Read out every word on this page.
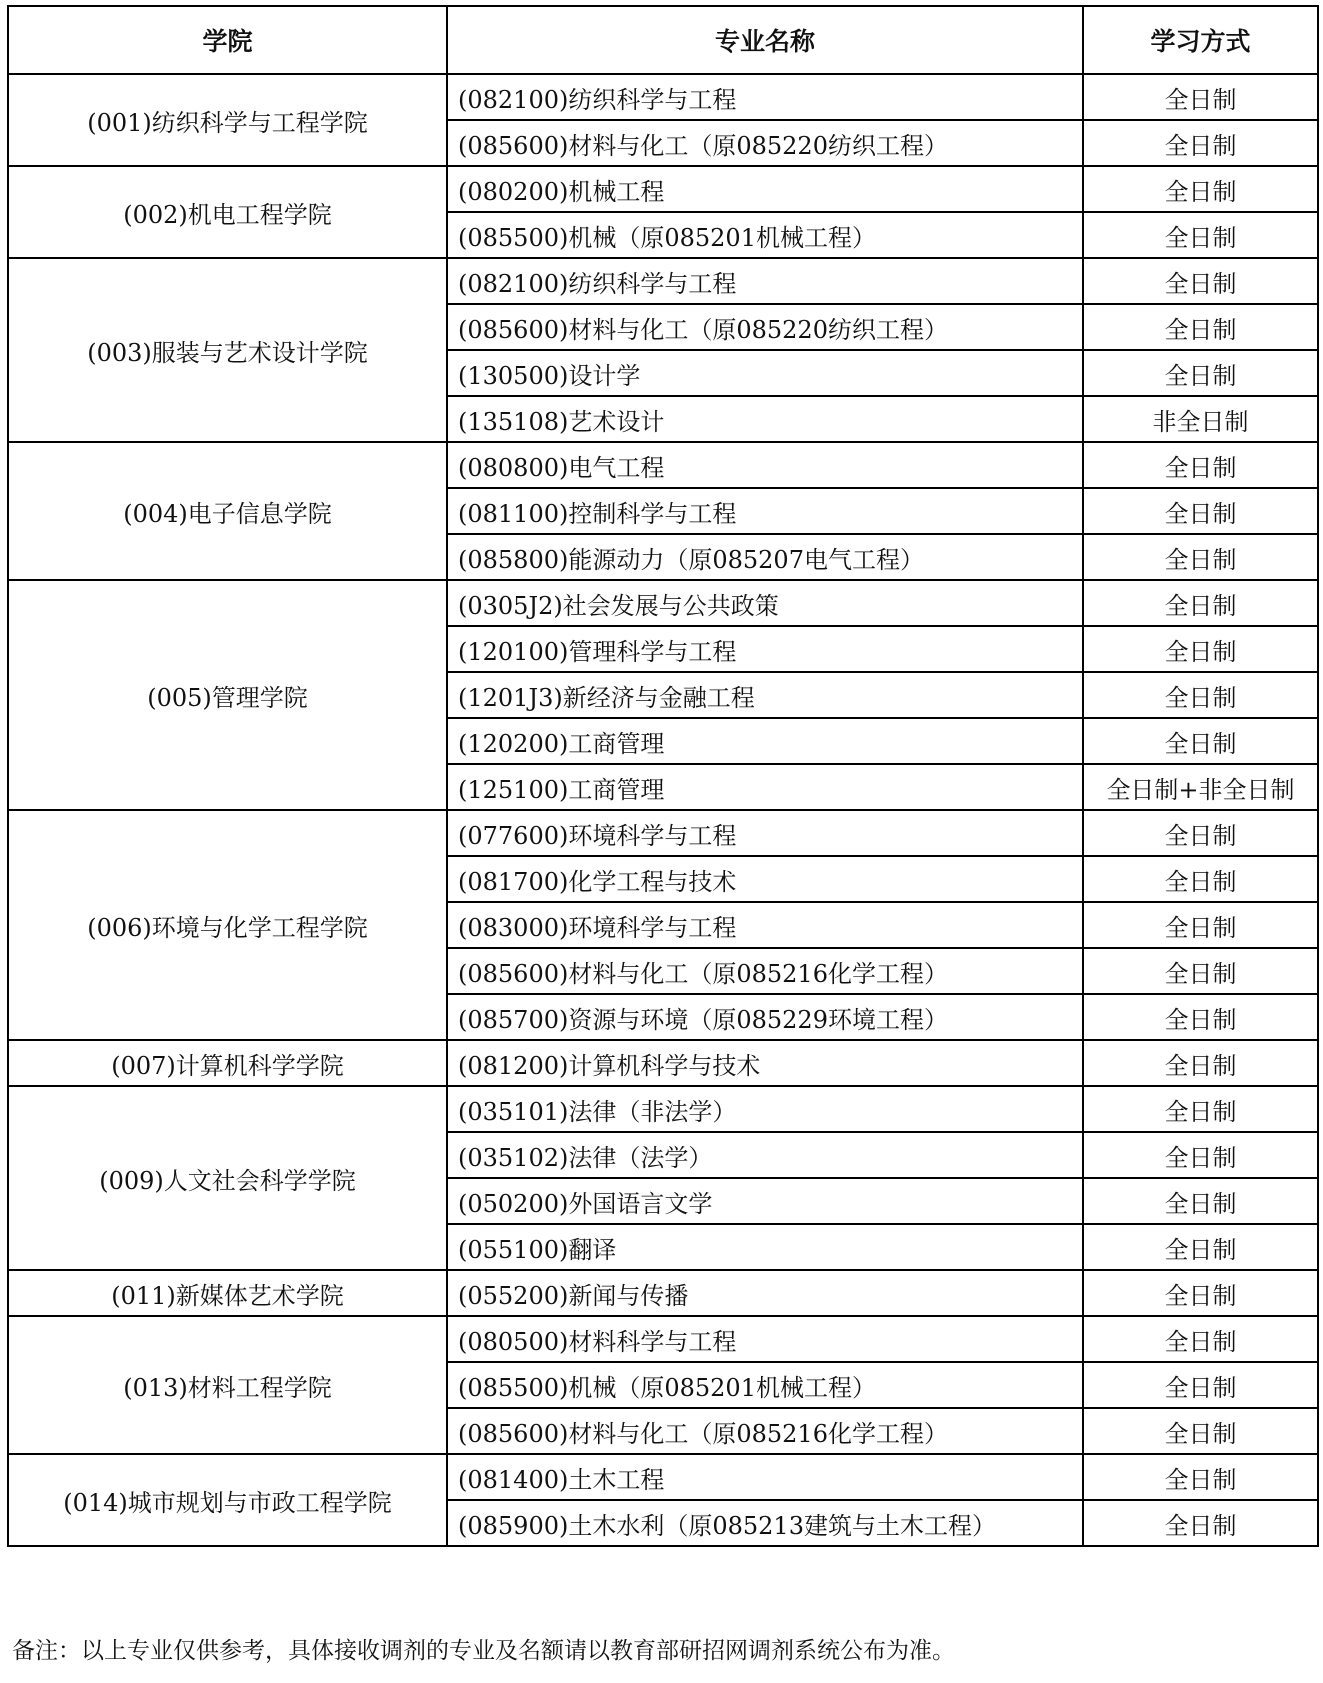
学院	专业名称	学习方式
(001)纺织科学与工程学院	(082100)纺织科学与工程	全日制
	(085600)材料与化工（原085220纺织工程）	全日制
(002)机电工程学院	(080200)机械工程	全日制
	(085500)机械（原085201机械工程）	全日制
(003)服装与艺术设计学院	(082100)纺织科学与工程	全日制
	(085600)材料与化工（原085220纺织工程）	全日制
	(130500)设计学	全日制
	(135108)艺术设计	非全日制
(004)电子信息学院	(080800)电气工程	全日制
	(081100)控制科学与工程	全日制
	(085800)能源动力（原085207电气工程）	全日制
(005)管理学院	(0305J2)社会发展与公共政策	全日制
	(120100)管理科学与工程	全日制
	(1201J3)新经济与金融工程	全日制
	(120200)工商管理	全日制
	(125100)工商管理	全日制+非全日制
(006)环境与化学工程学院	(077600)环境科学与工程	全日制
	(081700)化学工程与技术	全日制
	(083000)环境科学与工程	全日制
	(085600)材料与化工（原085216化学工程）	全日制
	(085700)资源与环境（原085229环境工程）	全日制
(007)计算机科学学院	(081200)计算机科学与技术	全日制
(009)人文社会科学学院	(035101)法律（非法学）	全日制
	(035102)法律（法学）	全日制
	(050200)外国语言文学	全日制
	(055100)翻译	全日制
(011)新媒体艺术学院	(055200)新闻与传播	全日制
(013)材料工程学院	(080500)材料科学与工程	全日制
	(085500)机械（原085201机械工程）	全日制
	(085600)材料与化工（原085216化学工程）	全日制
(014)城市规划与市政工程学院	(081400)土木工程	全日制
	(085900)土木水利（原085213建筑与土木工程）	全日制
备注：以上专业仅供参考，具体接收调剂的专业及名额请以教育部研招网调剂系统公布为准。
